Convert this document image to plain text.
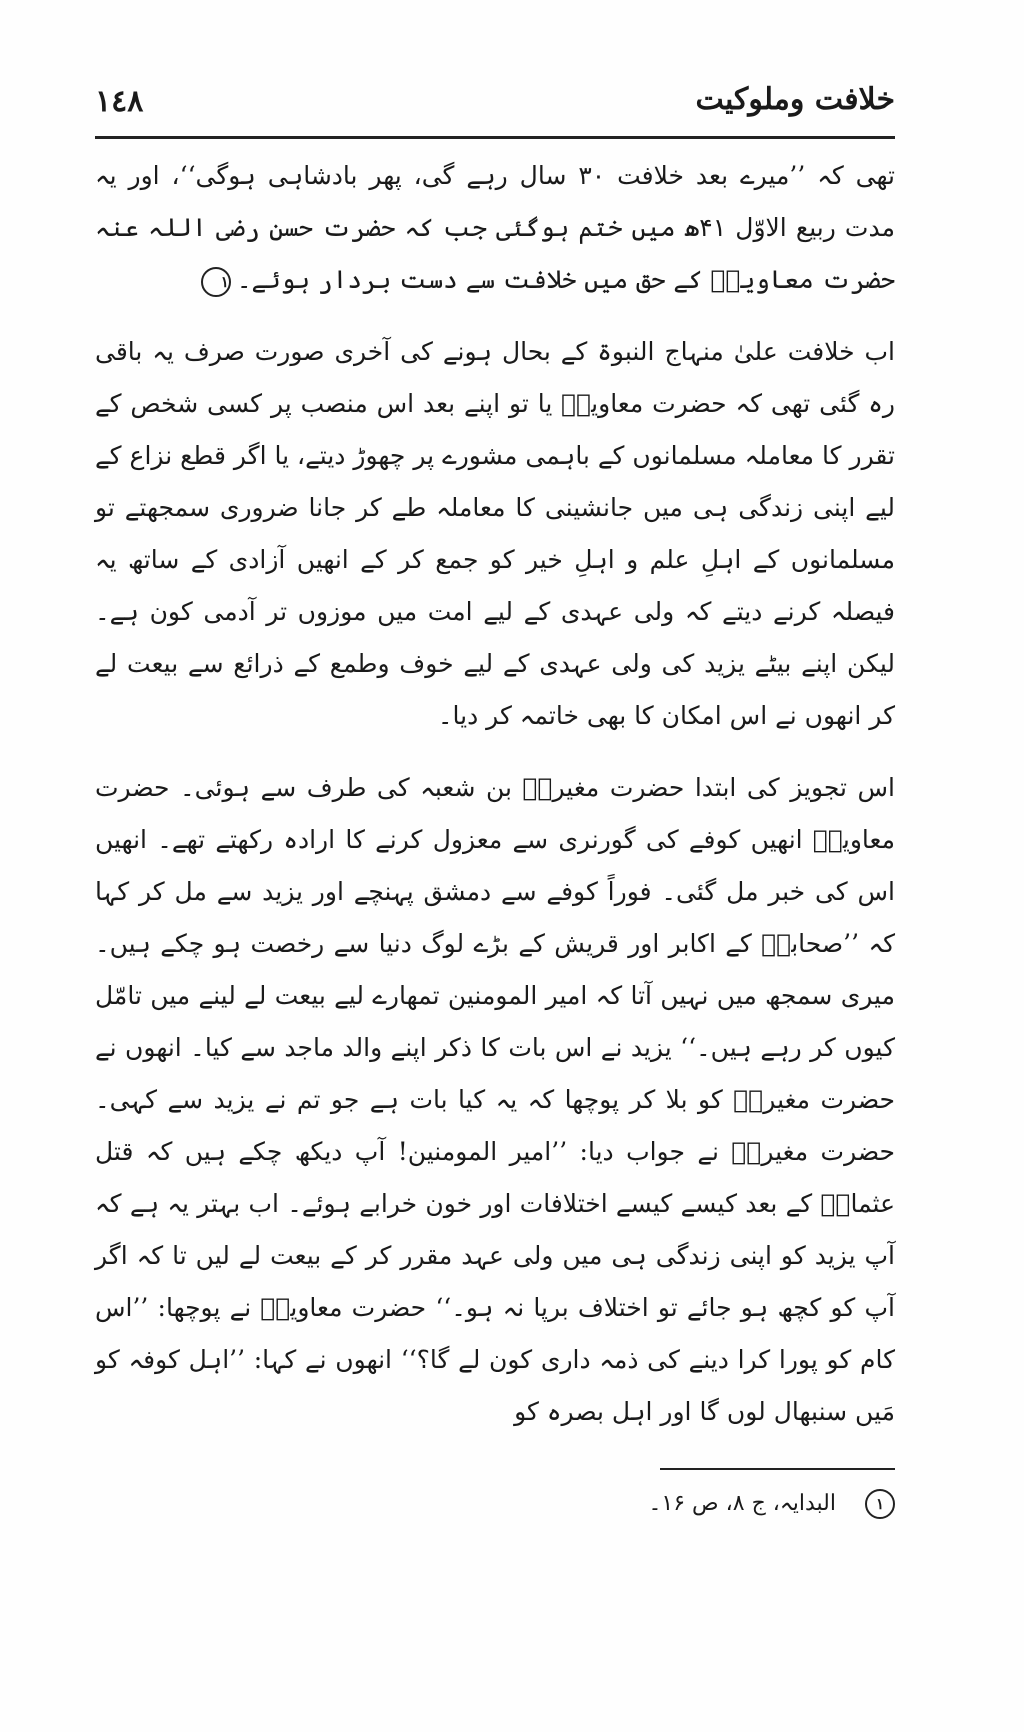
١٤٨	خلافت وملوکیت

تھی کہ ’’میرے بعد خلافت ۳۰ سال رہے گی، پھر بادشاہی ہوگی‘‘، اور یہ مدت ربیع الاوّل ۴۱ھ میں ختم ہوگئی جب کہ حضرت حسن رضی اللہ عنہ حضرت معاویہؓ کے حق میں خلافت سے دست بردار ہوئے۔١

اب خلافت علیٰ منہاج النبوۃ کے بحال ہونے کی آخری صورت صرف یہ باقی رہ گئی تھی کہ حضرت معاویہؓ یا تو اپنے بعد اس منصب پر کسی شخص کے تقرر کا معاملہ مسلمانوں کے باہمی مشورے پر چھوڑ دیتے، یا اگر قطع نزاع کے لیے اپنی زندگی ہی میں جانشینی کا معاملہ طے کر جانا ضروری سمجھتے تو مسلمانوں کے اہلِ علم و اہلِ خیر کو جمع کر کے انھیں آزادی کے ساتھ یہ فیصلہ کرنے دیتے کہ ولی عہدی کے لیے امت میں موزوں تر آدمی کون ہے۔ لیکن اپنے بیٹے یزید کی ولی عہدی کے لیے خوف وطمع کے ذرائع سے بیعت لے کر انھوں نے اس امکان کا بھی خاتمہ کر دیا۔

اس تجویز کی ابتدا حضرت مغیرہؓ بن شعبہ کی طرف سے ہوئی۔ حضرت معاویہؓ انھیں کوفے کی گورنری سے معزول کرنے کا ارادہ رکھتے تھے۔ انھیں اس کی خبر مل گئی۔ فوراً کوفے سے دمشق پہنچے اور یزید سے مل کر کہا کہ ’’صحابہؓ کے اکابر اور قریش کے بڑے لوگ دنیا سے رخصت ہو چکے ہیں۔ میری سمجھ میں نہیں آتا کہ امیر المومنین تمھارے لیے بیعت لے لینے میں تامّل کیوں کر رہے ہیں۔‘‘ یزید نے اس بات کا ذکر اپنے والد ماجد سے کیا۔ انھوں نے حضرت مغیرہؓ کو بلا کر پوچھا کہ یہ کیا بات ہے جو تم نے یزید سے کہی۔ حضرت مغیرہؓ نے جواب دیا: ’’امیر المومنین! آپ دیکھ چکے ہیں کہ قتل عثمانؓ کے بعد کیسے کیسے اختلافات اور خون خرابے ہوئے۔ اب بہتر یہ ہے کہ آپ یزید کو اپنی زندگی ہی میں ولی عہد مقرر کر کے بیعت لے لیں تا کہ اگر آپ کو کچھ ہو جائے تو اختلاف برپا نہ ہو۔‘‘ حضرت معاویہؓ نے پوچھا: ’’اس کام کو پورا کرا دینے کی ذمہ داری کون لے گا؟‘‘ انھوں نے کہا: ’’اہل کوفہ کو مَیں سنبھال لوں گا اور اہل بصرہ کو

١ البدایہ، ج ۸، ص ۱۶۔
